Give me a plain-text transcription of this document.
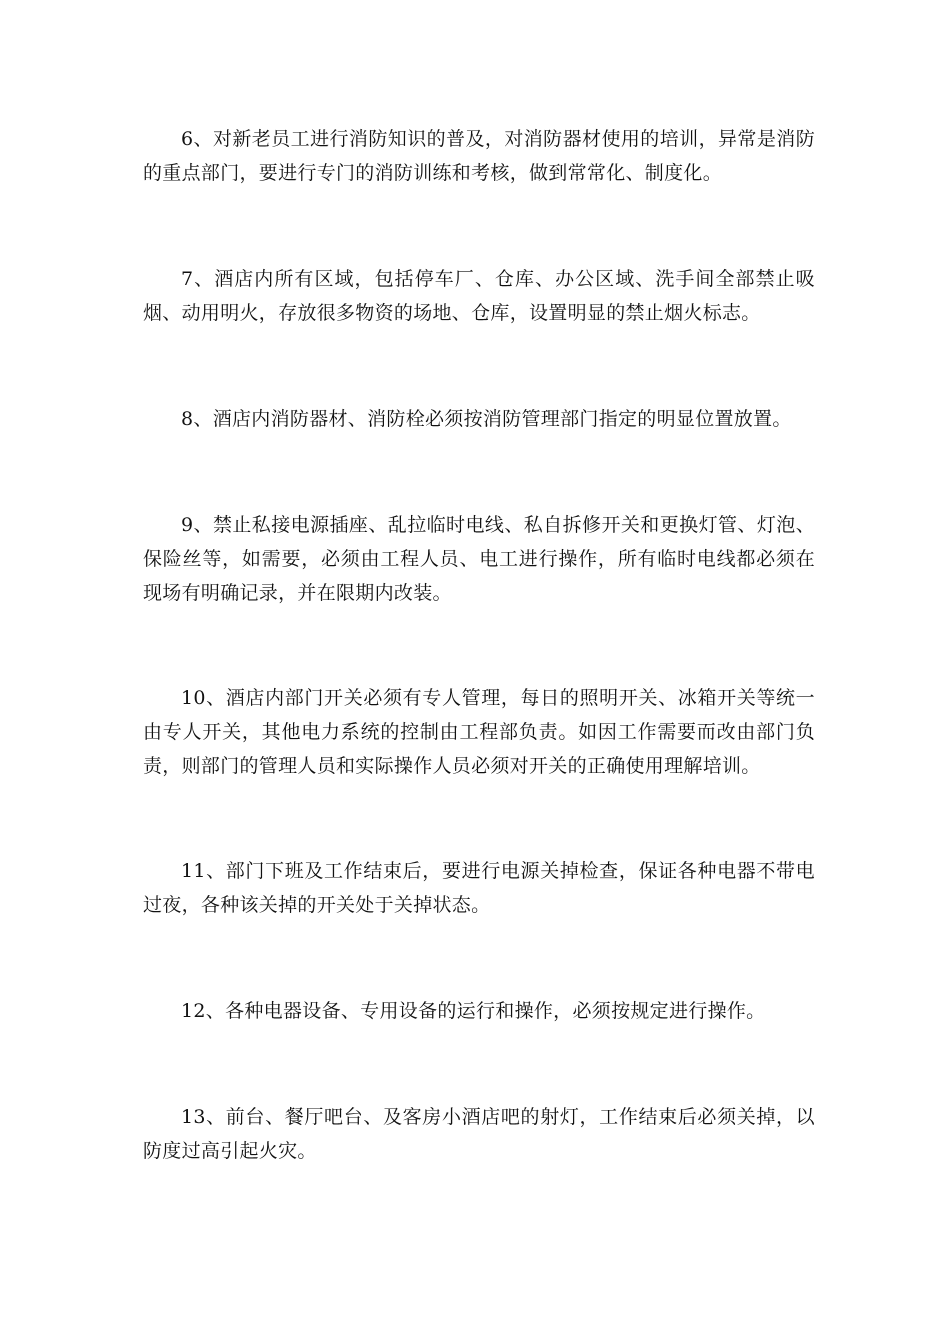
6、对新老员工进行消防知识的普及，对消防器材使用的培训，异常是消防的重点部门，要进行专门的消防训练和考核，做到常常化、制度化。

7、酒店内所有区域，包括停车厂、仓库、办公区域、洗手间全部禁止吸烟、动用明火，存放很多物资的场地、仓库，设置明显的禁止烟火标志。

8、酒店内消防器材、消防栓必须按消防管理部门指定的明显位置放置。

9、禁止私接电源插座、乱拉临时电线、私自拆修开关和更换灯管、灯泡、保险丝等，如需要，必须由工程人员、电工进行操作，所有临时电线都必须在现场有明确记录，并在限期内改装。

10、酒店内部门开关必须有专人管理，每日的照明开关、冰箱开关等统一由专人开关，其他电力系统的控制由工程部负责。如因工作需要而改由部门负责，则部门的管理人员和实际操作人员必须对开关的正确使用理解培训。

11、部门下班及工作结束后，要进行电源关掉检查，保证各种电器不带电过夜，各种该关掉的开关处于关掉状态。

12、各种电器设备、专用设备的运行和操作，必须按规定进行操作。

13、前台、餐厅吧台、及客房小酒店吧的射灯，工作结束后必须关掉，以防度过高引起火灾。
